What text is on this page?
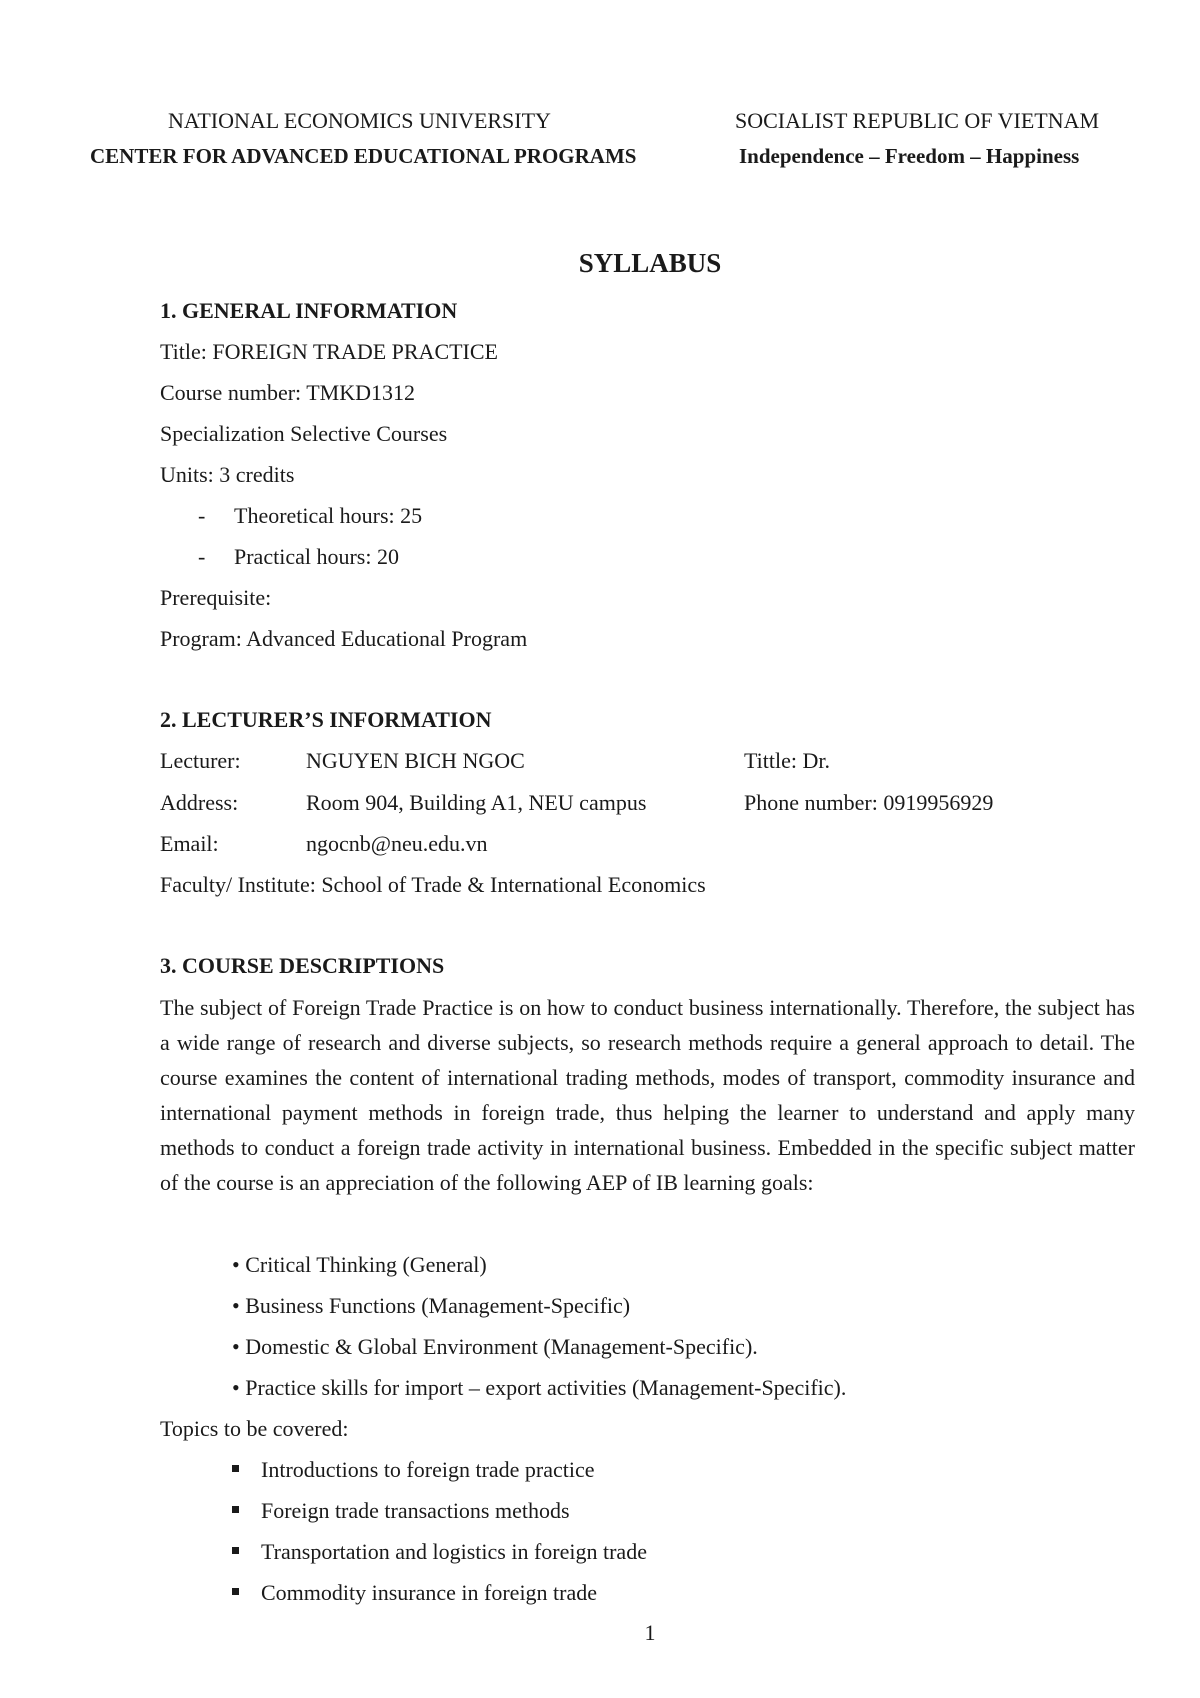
NATIONAL ECONOMICS UNIVERSITY
CENTER FOR ADVANCED EDUCATIONAL PROGRAMS
SOCIALIST REPUBLIC OF VIETNAM
Independence – Freedom – Happiness
SYLLABUS
1. GENERAL INFORMATION
Title: FOREIGN TRADE PRACTICE
Course number: TMKD1312
Specialization Selective Courses
Units: 3 credits
- Theoretical hours: 25
- Practical hours: 20
Prerequisite:
Program: Advanced Educational Program
2. LECTURER’S INFORMATION
Lecturer:	NGUYEN BICH NGOC	Tittle: Dr.
Address:	Room 904, Building A1, NEU campus	Phone number: 0919956929
Email:	ngocnb@neu.edu.vn
Faculty/ Institute: School of Trade & International Economics
3. COURSE DESCRIPTIONS
The subject of Foreign Trade Practice is on how to conduct business internationally. Therefore, the subject has a wide range of research and diverse subjects, so research methods require a general approach to detail. The course examines the content of international trading methods, modes of transport, commodity insurance and international payment methods in foreign trade, thus helping the learner to understand and apply many methods to conduct a foreign trade activity in international business. Embedded in the specific subject matter of the course is an appreciation of the following AEP of IB learning goals:
• Critical Thinking (General)
• Business Functions (Management-Specific)
• Domestic & Global Environment (Management-Specific).
• Practice skills for import – export activities (Management-Specific).
Topics to be covered:
Introductions to foreign trade practice
Foreign trade transactions methods
Transportation and logistics in foreign trade
Commodity insurance in foreign trade
1
